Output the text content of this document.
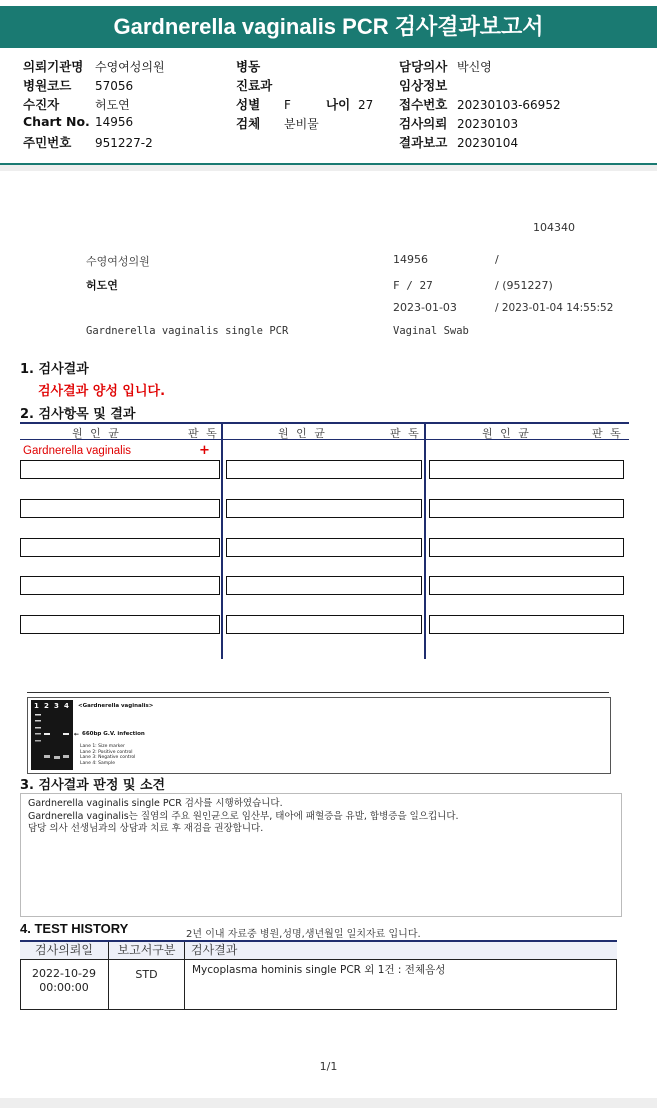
Gardnerella vaginalis PCR 검사결과보고서
의뢰기관명 수영여성의원
병원코드 57056
수진자	허도연
Chart No. 14956
주민번호 951227-2
병동
진료과
성별 F	나이 27
검체 분비물
담당의사 박신영
임상정보
접수번호 20230103-66952
검사의뢰 20230103
결과보고 20230104
104340
수영여성의원	14956	/
허도연	F / 27	/ (951227)
2023-01-03	/ 2023-01-04 14:55:52
Gardnerella vaginalis single PCR	Vaginal Swab
1. 검사결과
검사결과 양성 입니다.
2. 검사항목 및 결과
원 인 균	판 독	원 인 균	판 독	원 인 균	판 독
Gardnerella vaginalis	+
1 2 3 4 <Gardnerella vaginalis>
← 660bp G.V. infection
Lane 1: Size marker
Lane 2: Positive control
Lane 3: Negative control
Lane 4: Sample
3. 검사결과 판정 및 소견
Gardnerella vaginalis single PCR 검사를 시행하였습니다.
Gardnerella vaginalis는 질염의 주요 원인균으로 임산부, 태아에 패혈증을 유발, 합병증을 일으킵니다.
담당 의사 선생님과의 상담과 치료 후 재검을 권장합니다.
4. TEST HISTORY	2년 이내 자료중 병원,성명,생년월일 일치자료 입니다.
검사의뢰일	보고서구분	검사결과
2022-10-29
00:00:00
STD	Mycoplasma hominis single PCR 외 1건 : 전체음성
1/1
